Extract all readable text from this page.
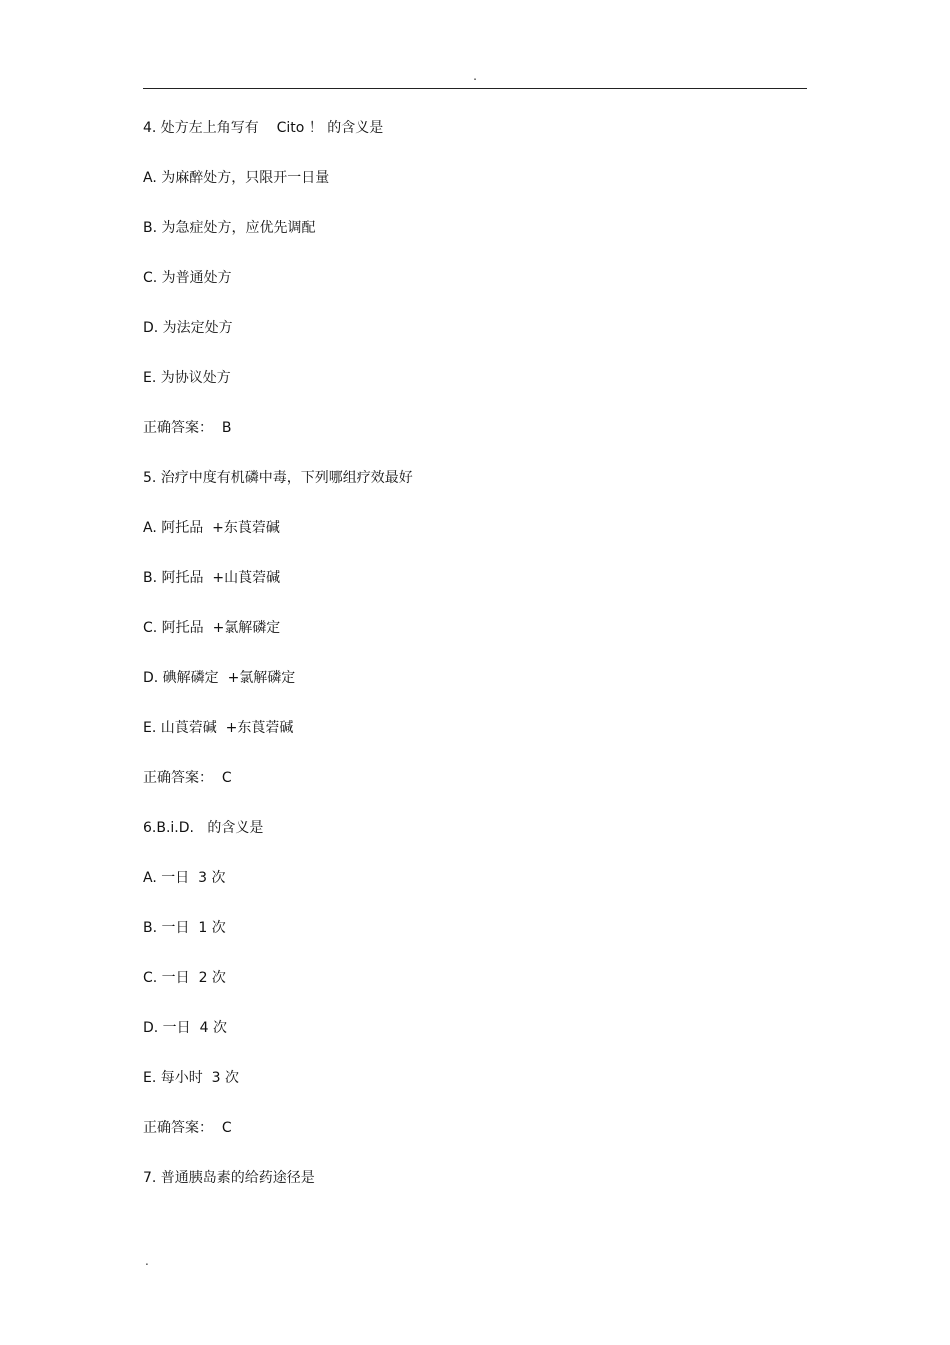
.
4. 处方左上角写有    Cito ！ 的含义是
A. 为麻醉处方，只限开一日量
B. 为急症处方，应优先调配
C. 为普通处方
D. 为法定处方
E. 为协议处方
正确答案：  B
5. 治疗中度有机磷中毒，下列哪组疗效最好
A. 阿托品  +东莨菪碱
B. 阿托品  +山莨菪碱
C. 阿托品  +氯解磷定
D. 碘解磷定  +氯解磷定
E. 山莨菪碱  +东莨菪碱
正确答案：  C
6.B.i.D.   的含义是
A. 一日  3 次
B. 一日  1 次
C. 一日  2 次
D. 一日  4 次
E. 每小时  3 次
正确答案：  C
7. 普通胰岛素的给药途径是
.
